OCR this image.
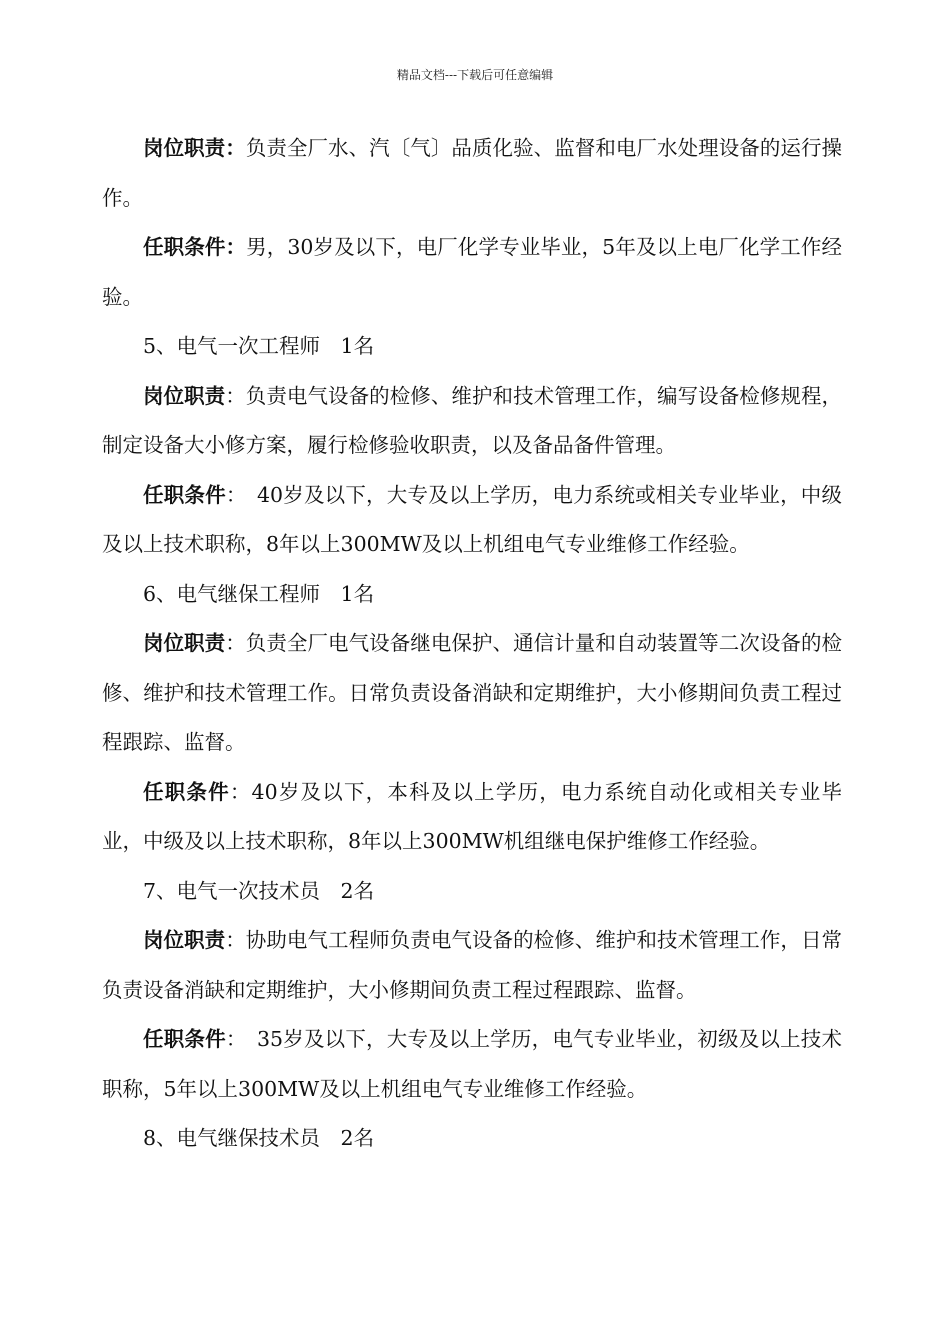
精品文档---下载后可任意编辑

岗位职责：负责全厂水、汽〔气〕品质化验、监督和电厂水处理设备的运行操作。

任职条件：男，30岁及以下，电厂化学专业毕业，5年及以上电厂化学工作经验。

5、电气一次工程师　1名

岗位职责：负责电气设备的检修、维护和技术管理工作，编写设备检修规程，制定设备大小修方案，履行检修验收职责，以及备品备件管理。

任职条件：　40岁及以下，大专及以上学历，电力系统或相关专业毕业，中级及以上技术职称，8年以上300MW及以上机组电气专业维修工作经验。

6、电气继保工程师　1名

岗位职责：负责全厂电气设备继电保护、通信计量和自动装置等二次设备的检修、维护和技术管理工作。日常负责设备消缺和定期维护，大小修期间负责工程过程跟踪、监督。

任职条件：40岁及以下，本科及以上学历，电力系统自动化或相关专业毕业，中级及以上技术职称，8年以上300MW机组继电保护维修工作经验。

7、电气一次技术员　2名

岗位职责：协助电气工程师负责电气设备的检修、维护和技术管理工作，日常负责设备消缺和定期维护，大小修期间负责工程过程跟踪、监督。

任职条件：　35岁及以下，大专及以上学历，电气专业毕业，初级及以上技术职称，5年以上300MW及以上机组电气专业维修工作经验。

8、电气继保技术员　2名
